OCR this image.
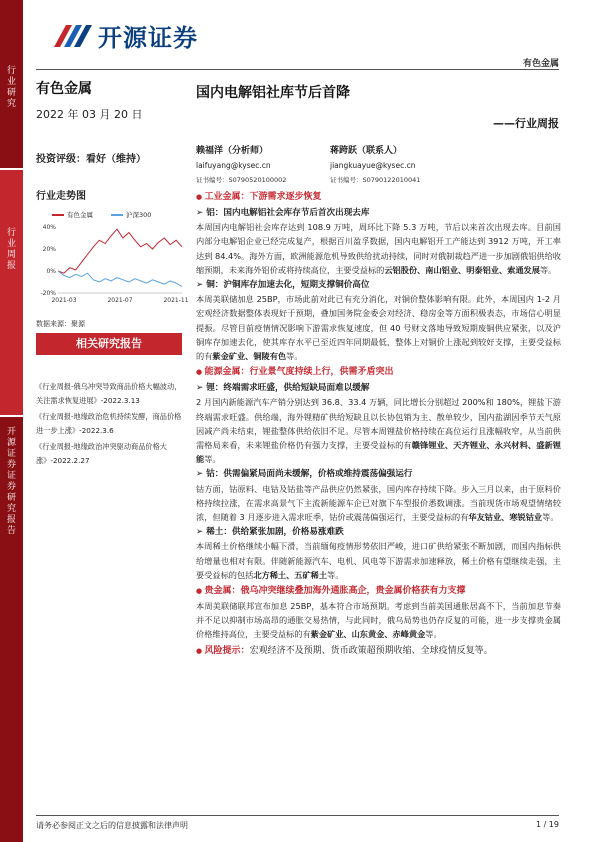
行业研究
行业周报
开源证券 证券研究报告
开源证券
有色金属
有色金属
2022 年 03 月 20 日
投资评级：看好（维持）
行业走势图
有色金属	沪深300
40%
20%
0%
-20%
2021-03	2021-07	2021-11
数据来源：聚源
相关研究报告
《行业周报-俄乌冲突导致商品价格大幅波动，关注需求恢复进展》-2022.3.13
《行业周报-地缘政治危机持续发酵，商品价格进一步上涨》-2022.3.6
《行业周报-地缘政治冲突驱动商品价格大涨》-2022.2.27
国内电解铝社库节后首降
——行业周报
赖福洋（分析师）
laifuyang@kysec.cn
证书编号：S0790520100002
蒋跨跃（联系人）
jiangkuayue@kysec.cn
证书编号：S0790122010041
● 工业金属：下游需求逐步恢复
➢ 铝：国内电解铝社会库存节后首次出现去库
本周国内电解铝社会库存达到 108.9 万吨，周环比下降 5.3 万吨，节后以来首次出现去库。目前国内部分电解铝企业已经完成复产，根据百川盈孚数据，国内电解铝开工产能达到 3912 万吨，开工率达到 84.4%。海外方面，欧洲能源危机导致供给扰动持续，同时对俄制裁趋严进一步加剧俄铝供给收缩预期，未来海外铝价或将持续高位，主要受益标的云铝股份、南山铝业、明泰铝业、索通发展等。
➢ 铜：沪铜库存加速去化，短期支撑铜价高位
本周美联储加息 25BP，市场此前对此已有充分消化，对铜价整体影响有限。此外，本周国内 1-2 月宏观经济数据整体表现好于预期，叠加国务院金委会对经济、稳房金等方面积极表态，市场信心明显提振。尽管目前疫情情况影响下游需求恢复速度，但 40 号财文落地导致短期废铜供应紧张，以及沪铜库存加速去化，使其库存水平已至近四年同期最低，整体上对铜价上涨起到较好支撑，主要受益标的有紫金矿业、铜陵有色等。
● 能源金属：行业景气度持续上行，供需矛盾突出
➢ 锂：终端需求旺盛，供给短缺局面难以缓解
2 月国内新能源汽车产销分别达到 36.8、33.4 万辆，同比增长分别超过 200%和 180%，锂盐下游终端需求旺盛。供给端，海外锂精矿供给短缺且以长协包销为主、散单较少，国内盐湖因季节天气原因减产尚未结束，锂盐整体供给依旧不足。尽管本周锂盐价格持续在高位运行且涨幅收窄，从当前供需格局来看，未来锂盐价格仍有强力支撑，主要受益标的有赣锋锂业、天齐锂业、永兴材料、盛新锂能等。
➢ 钴：供需偏紧局面尚未缓解，价格或维持震荡偏强运行
钴方面，钴原料、电钴及钴盐等产品供应仍然紧张，国内库存持续下降。步入三月以来，由于原料价格持续拉涨，在需求高景气下主流新能源车企已对旗下车型报价悉数调涨。当前现货市场观望情绪较浓，但随着 3 月逐步进入需求旺季，钴价或震荡偏强运行，主要受益标的有华友钴业、寒锐钴业等。
➢ 稀土：供给紧张加剧，价格易涨难跌
本周稀土价格继续小幅下滑，当前缅甸疫情形势依旧严峻，进口矿供给紧张不断加剧，而国内指标供给增量也相对有限。伴随新能源汽车、电机、风电等下游需求加速释放，稀土价格有望继续走强，主要受益标的包括北方稀土、五矿稀土等。
● 贵金属：俄乌冲突继续叠加海外通胀高企，贵金属价格获有力支撑
本周美联储联邦宣布加息 25BP，基本符合市场预期。考虑到当前美国通胀居高不下，当前加息节奏并不足以抑制市场高昂的通胀交易热情，与此同时，俄乌局势也仍存反复的可能，进一步支撑贵金属价格维持高位，主要受益标的有紫金矿业、山东黄金、赤峰黄金等。
● 风险提示：宏观经济不及预期、货币政策超预期收缩、全球疫情反复等。
请务必参阅正文之后的信息披露和法律声明	1 / 19
